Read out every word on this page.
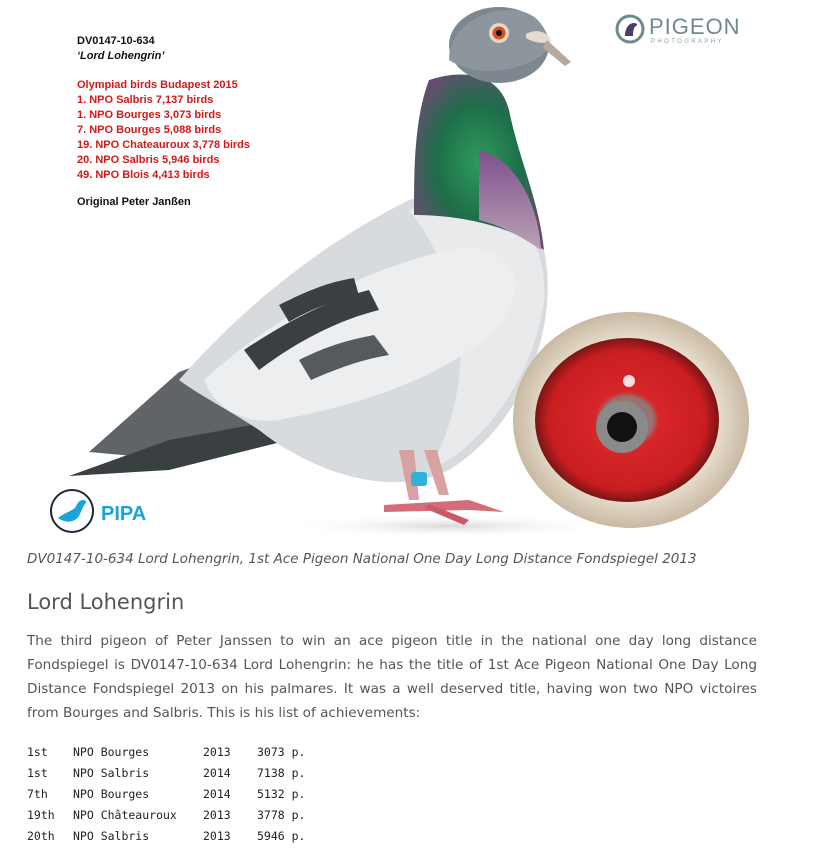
DV0147-10-634
‘Lord Lohengrin’
Olympiad birds Budapest 2015
1. NPO Salbris 7,137 birds
1. NPO Bourges 3,073 birds
7. NPO Bourges 5,088 birds
19. NPO Chateauroux 3,778 birds
20. NPO Salbris 5,946 birds
49. NPO Blois 4,413 birds
Original Peter Janßen
PIGEON
PHOTOGRAPHY
PIPA
DV0147-10-634 Lord Lohengrin, 1st Ace Pigeon National One Day Long Distance Fondspiegel 2013
Lord Lohengrin

The third pigeon of Peter Janssen to win an ace pigeon title in the national one day long distance Fondspiegel is DV0147-10-634 Lord Lohengrin: he has the title of 1st Ace Pigeon National One Day Long Distance Fondspiegel 2013 on his palmares. It was a well deserved title, having won two NPO victoires from Bourges and Salbris. This is his list of achievements:

1st	NPO Bourges	2013	3073 p.
1st	NPO Salbris	2014	7138 p.
7th	NPO Bourges	2014	5132 p.
19th	NPO Châteauroux	2013	3778 p.
20th	NPO Salbris	2013	5946 p.
